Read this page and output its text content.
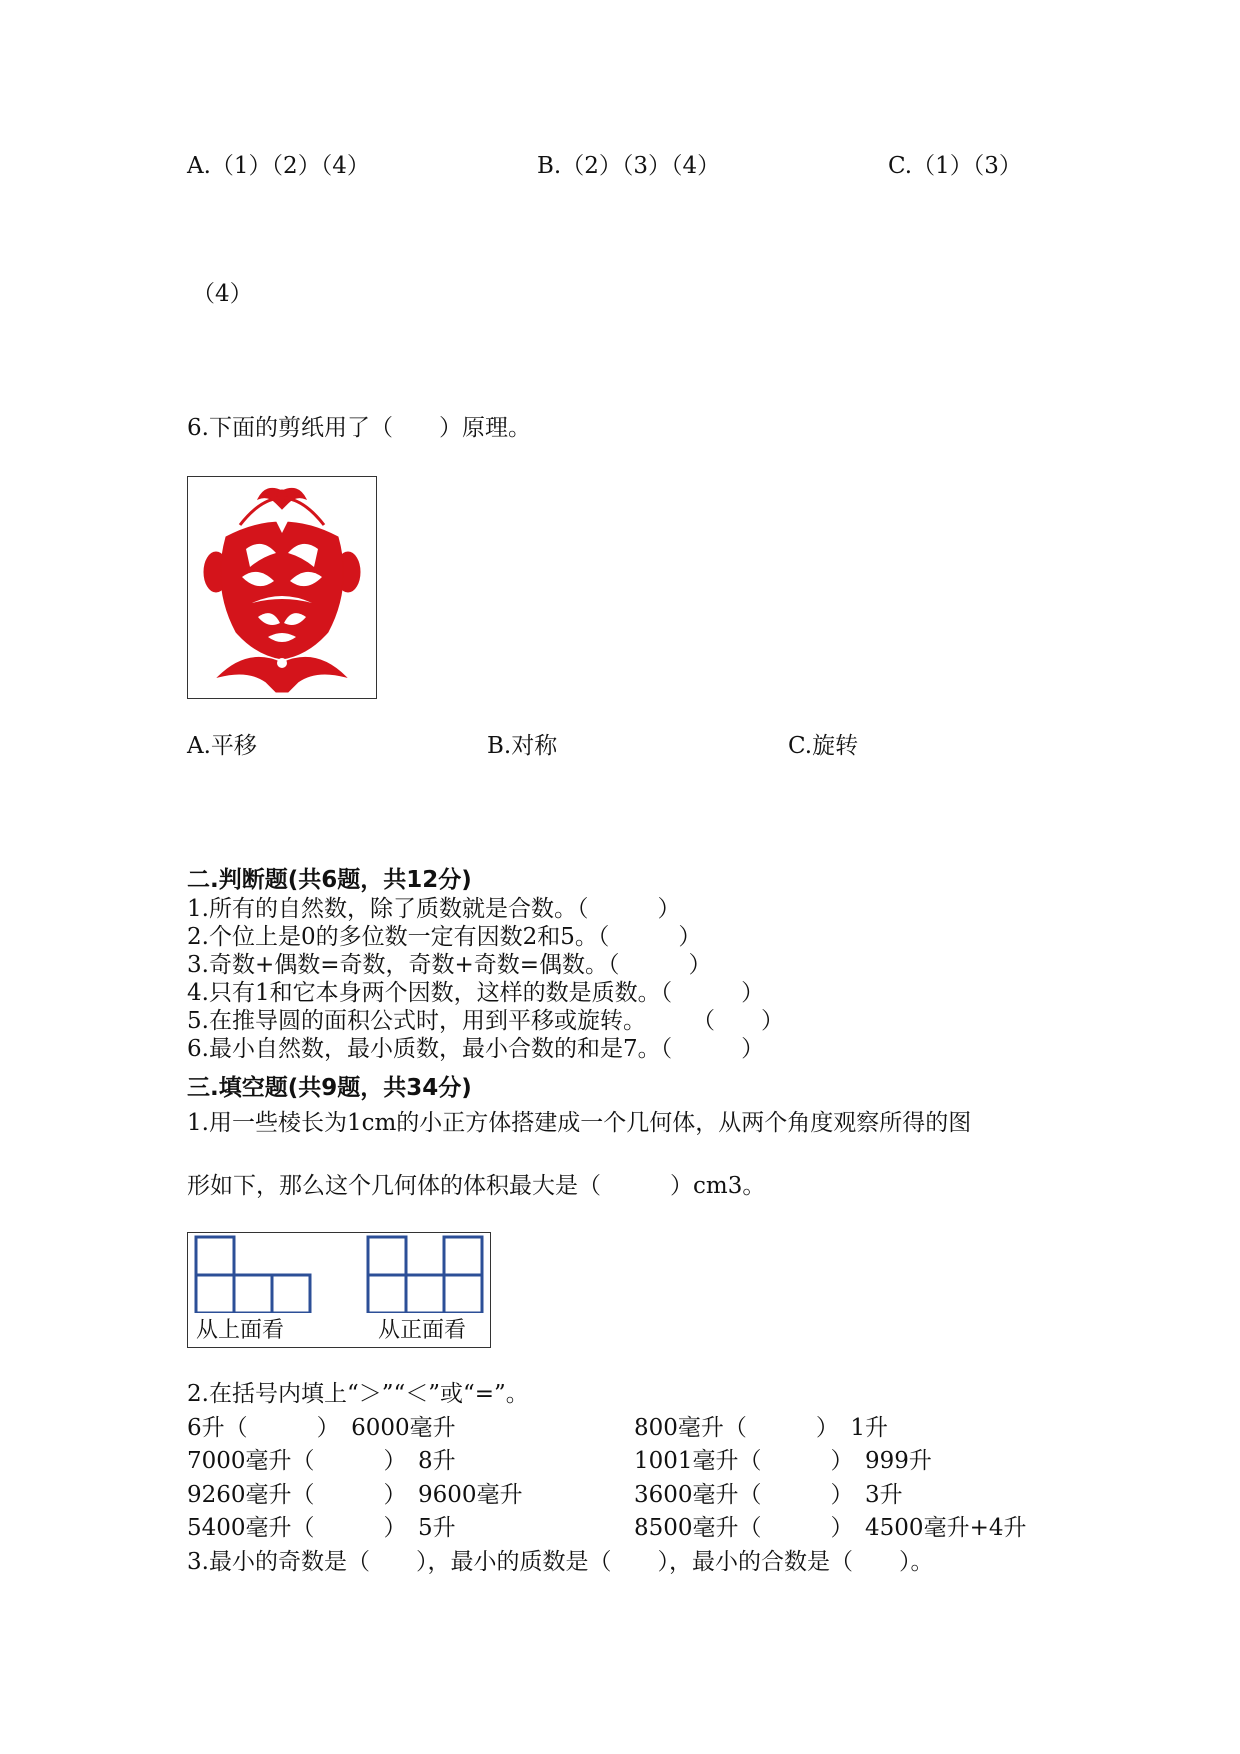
A.（1）（2）（4）	B.（2）（3）（4）	C.（1）（3）
（4）
6.下面的剪纸用了（　　）原理。
A.平移	B.对称	C.旋转
二.判断题(共6题，共12分)
1.所有的自然数，除了质数就是合数。（　　　）
2.个位上是0的多位数一定有因数2和5。（　　　）
3.奇数+偶数=奇数，奇数+奇数=偶数。（　　　）
4.只有1和它本身两个因数，这样的数是质数。（　　　）
5.在推导圆的面积公式时，用到平移或旋转。　　　（　　）
6.最小自然数，最小质数，最小合数的和是7。（　　　）
三.填空题(共9题，共34分)
1.用一些棱长为1cm的小正方体搭建成一个几何体，从两个角度观察所得的图
形如下，那么这个几何体的体积最大是（　　　）cm3。
从上面看	从正面看
2.在括号内填上“＞”“＜”或“=”。
6升（　　　）　6000毫升	800毫升（　　　）　1升
7000毫升（　　　）　8升	1001毫升（　　　）　999升
9260毫升（　　　）　9600毫升	3600毫升（　　　）　3升
5400毫升（　　　）　5升	8500毫升（　　　）　4500毫升+4升
3.最小的奇数是（　　），最小的质数是（　　），最小的合数是（　　）。
